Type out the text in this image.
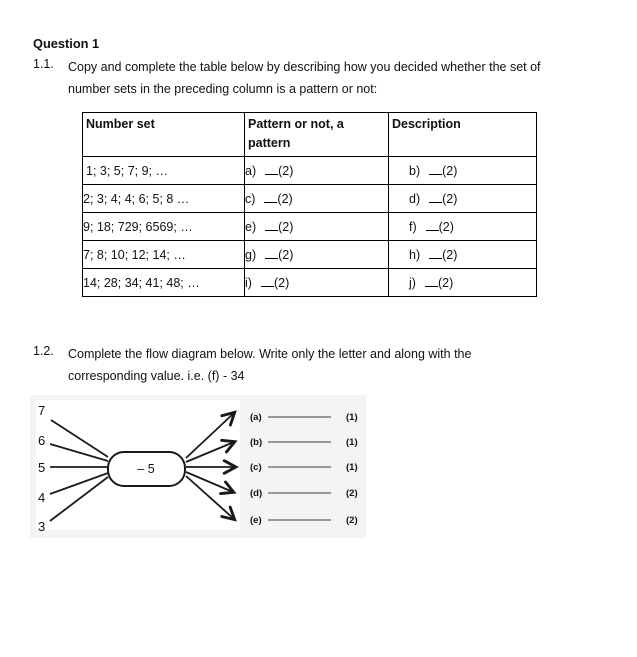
Question 1
1.1. Copy and complete the table below by describing how you decided whether the set of
number sets in the preceding column is a pattern or not:
Number set	Pattern or not, a pattern	Description
1; 3; 5; 7; 9; …	a) (2)	b) (2)
2; 3; 4; 4; 6; 5; 8 …	c) (2)	d) (2)
9; 18; 729; 6569; …	e) (2)	f) (2)
7; 8; 10; 12; 14; …	g) (2)	h) (2)
14; 28; 34; 41; 48; …	i) (2)	j) (2)
1.2. Complete the flow diagram below. Write only the letter and along with the
corresponding value. i.e. (f) - 34
7
6
5
4
3
– 5
(a)	(1)
(b)	(1)
(c)	(1)
(d)	(2)
(e)	(2)
